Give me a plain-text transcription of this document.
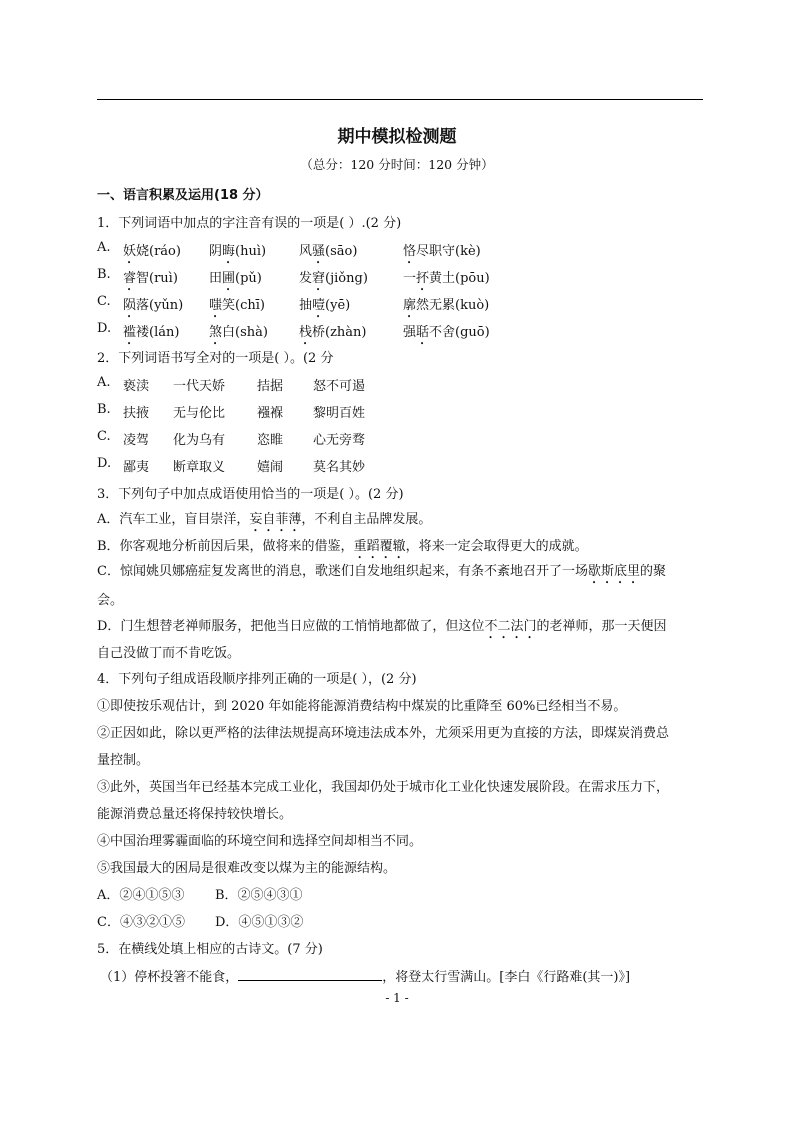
期中模拟检测题
（总分：120 分时间：120 分钟）
一、语言积累及运用(18 分）
1．下列词语中加点的字注音有误的一项是( ）.(2 分)
A. 妖娆(ráo) 阴晦(huì)	风骚(sāo)	恪尽职守(kè)
B. 睿智(ruì) 田圃(pǔ)	发窘(jiǒng)	一抔黄土(pōu)
C. 陨落(yǔn) 嗤笑(chī)	抽噎(yē)	廓然无累(kuò)
D. 褴褛(lán) 煞白(shà) 栈桥(zhàn)	强聒不舍(guō)
2．下列词语书写全对的一项是( ）。(2 分
A. 亵渎 一代天娇 拮据 怒不可遏
B. 扶掖 无与伦比 襁褓 黎明百姓
C. 凌驾 化为乌有 恣睢 心无旁骛
D. 鄙夷 断章取义 嬉闹 莫名其妙
3．下列句子中加点成语使用恰当的一项是( ）。(2 分)
A．汽车工业，盲目崇洋，妄自菲薄，不利自主品牌发展。
B．你客观地分析前因后果，做将来的借鉴，重蹈覆辙，将来一定会取得更大的成就。
C．惊闻姚贝娜癌症复发离世的消息，歌迷们自发地组织起来，有条不紊地召开了一场歇斯底里的聚
会。
D．门生想替老禅师服务，把他当日应做的工悄悄地都做了，但这位不二法门的老禅师，那一天便因
自己没做丁而不肯吃饭。
4．下列句子组成语段顺序排列正确的一项是( ），(2 分)
①即使按乐观估计，到 2020 年如能将能源消费结构中煤炭的比重降至 60%已经相当不易。
②正因如此，除以更严格的法律法规提高环境违法成本外，尤须采用更为直接的方法，即煤炭消费总
量控制。
③此外，英国当年已经基本完成工业化，我国却仍处于城市化工业化快速发展阶段。在需求压力下，
能源消费总量还将保持较快增长。
④中国治理雾霾面临的环境空间和选择空间却相当不同。
⑤我国最大的困局是很难改变以煤为主的能源结构。
A．②④①⑤③ B．②⑤④③①
C．④③②①⑤ D．④⑤①③②
5．在横线处填上相应的古诗文。(7 分)
（1）停杯投箸不能食，	，将登太行雪满山。[李白《行路难(其一)》]
- 1 -
